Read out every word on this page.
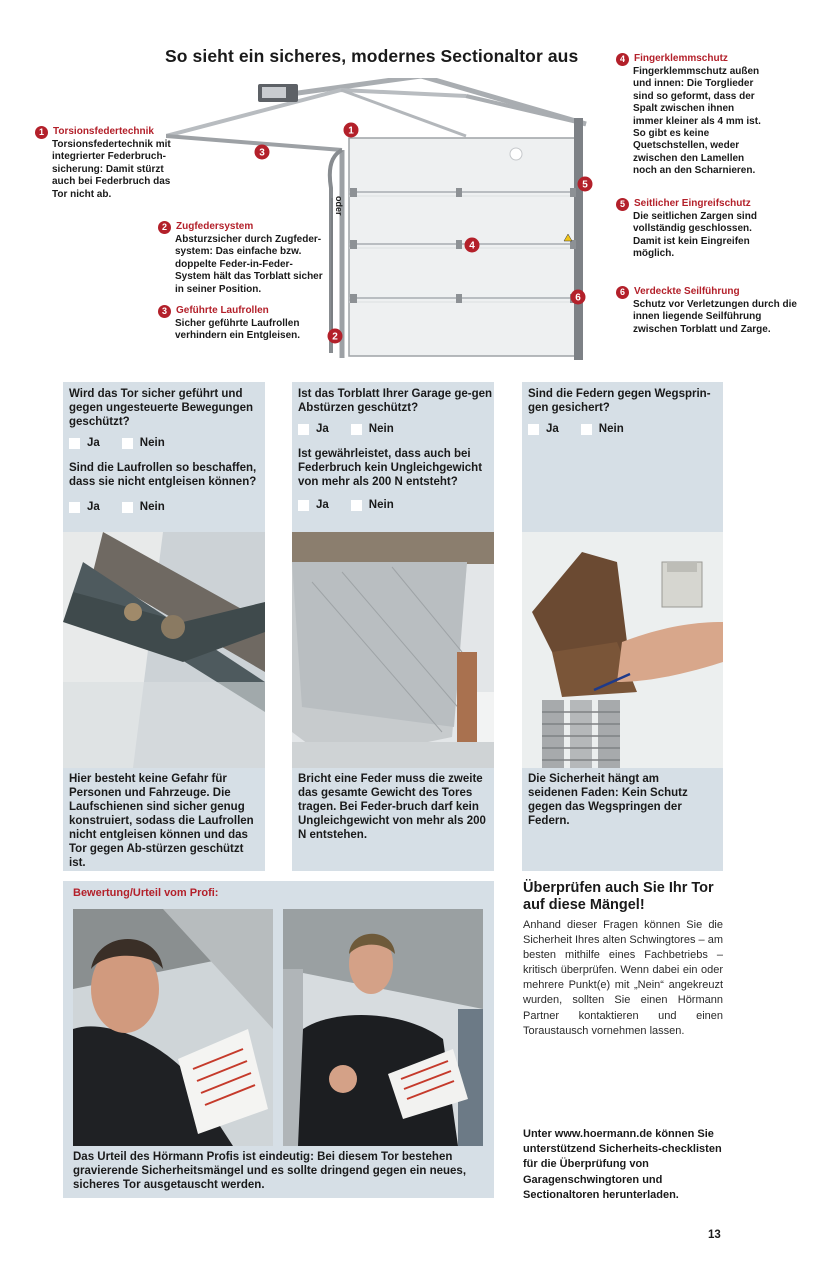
So sieht ein sicheres, modernes Sectionaltor aus
1 Torsionsfedertechnik
Torsionsfedertechnik mit integrierter Federbruch-sicherung: Damit stürzt auch bei Federbruch das Tor nicht ab.
2 Zugfedersystem
Absturzsicher durch Zugfeder-system: Das einfache bzw. doppelte Feder-in-Feder-System hält das Torblatt sicher in seiner Position.
3 Geführte Laufrollen
Sicher geführte Laufrollen verhindern ein Entgleisen.
4 Fingerklemmschutz
Fingerklemmschutz außen und innen: Die Torglieder sind so geformt, dass der Spalt zwischen ihnen immer kleiner als 4 mm ist. So gibt es keine Quetschstellen, weder zwischen den Lamellen noch an den Scharnieren.
5 Seitlicher Eingreifschutz
Die seitlichen Zargen sind vollständig geschlossen. Damit ist kein Eingreifen möglich.
6 Verdeckte Seilführung
Schutz vor Verletzungen durch die innen liegende Seilführung zwischen Torblatt und Zarge.
1
3
4
5
6
2
oder
Wird das Tor sicher geführt und gegen ungesteuerte Bewegungen geschützt?
Ja	Nein
Sind die Laufrollen so beschaffen, dass sie nicht entgleisen können?
Ja	Nein
Hier besteht keine Gefahr für Personen und Fahrzeuge. Die Laufschienen sind sicher genug konstruiert, sodass die Laufrollen nicht entgleisen können und das Tor gegen Ab-stürzen geschützt ist.
Ist das Torblatt Ihrer Garage ge-gen Abstürzen geschützt?
Ja	Nein
Ist gewährleistet, dass auch bei Federbruch kein Ungleichgewicht von mehr als 200 N entsteht?
Ja	Nein
Bricht eine Feder muss die zweite das gesamte Gewicht des Tores tragen. Bei Feder-bruch darf kein Ungleichgewicht von mehr als 200 N entstehen.
Sind die Federn gegen Wegsprin-gen gesichert?
Ja	Nein
Die Sicherheit hängt am seidenen Faden: Kein Schutz gegen das Wegspringen der Federn.
Bewertung/Urteil vom Profi:
Das Urteil des Hörmann Profis ist eindeutig: Bei diesem Tor bestehen gravierende Sicherheitsmängel und es sollte dringend gegen ein neues, sicheres Tor ausgetauscht werden.
Überprüfen auch Sie Ihr Tor auf diese Mängel!
Anhand dieser Fragen können Sie die Sicherheit Ihres alten Schwingtores – am besten mithilfe eines Fachbetriebs – kritisch überprüfen. Wenn dabei ein oder mehrere Punkt(e) mit „Nein“ angekreuzt wurden, sollten Sie einen Hörmann Partner kontaktieren und einen Toraustausch vornehmen lassen.
Unter www.hoermann.de können Sie unterstützend Sicherheits-checklisten für die Überprüfung von Garagenschwingtoren und Sectionaltoren herunterladen.
13
